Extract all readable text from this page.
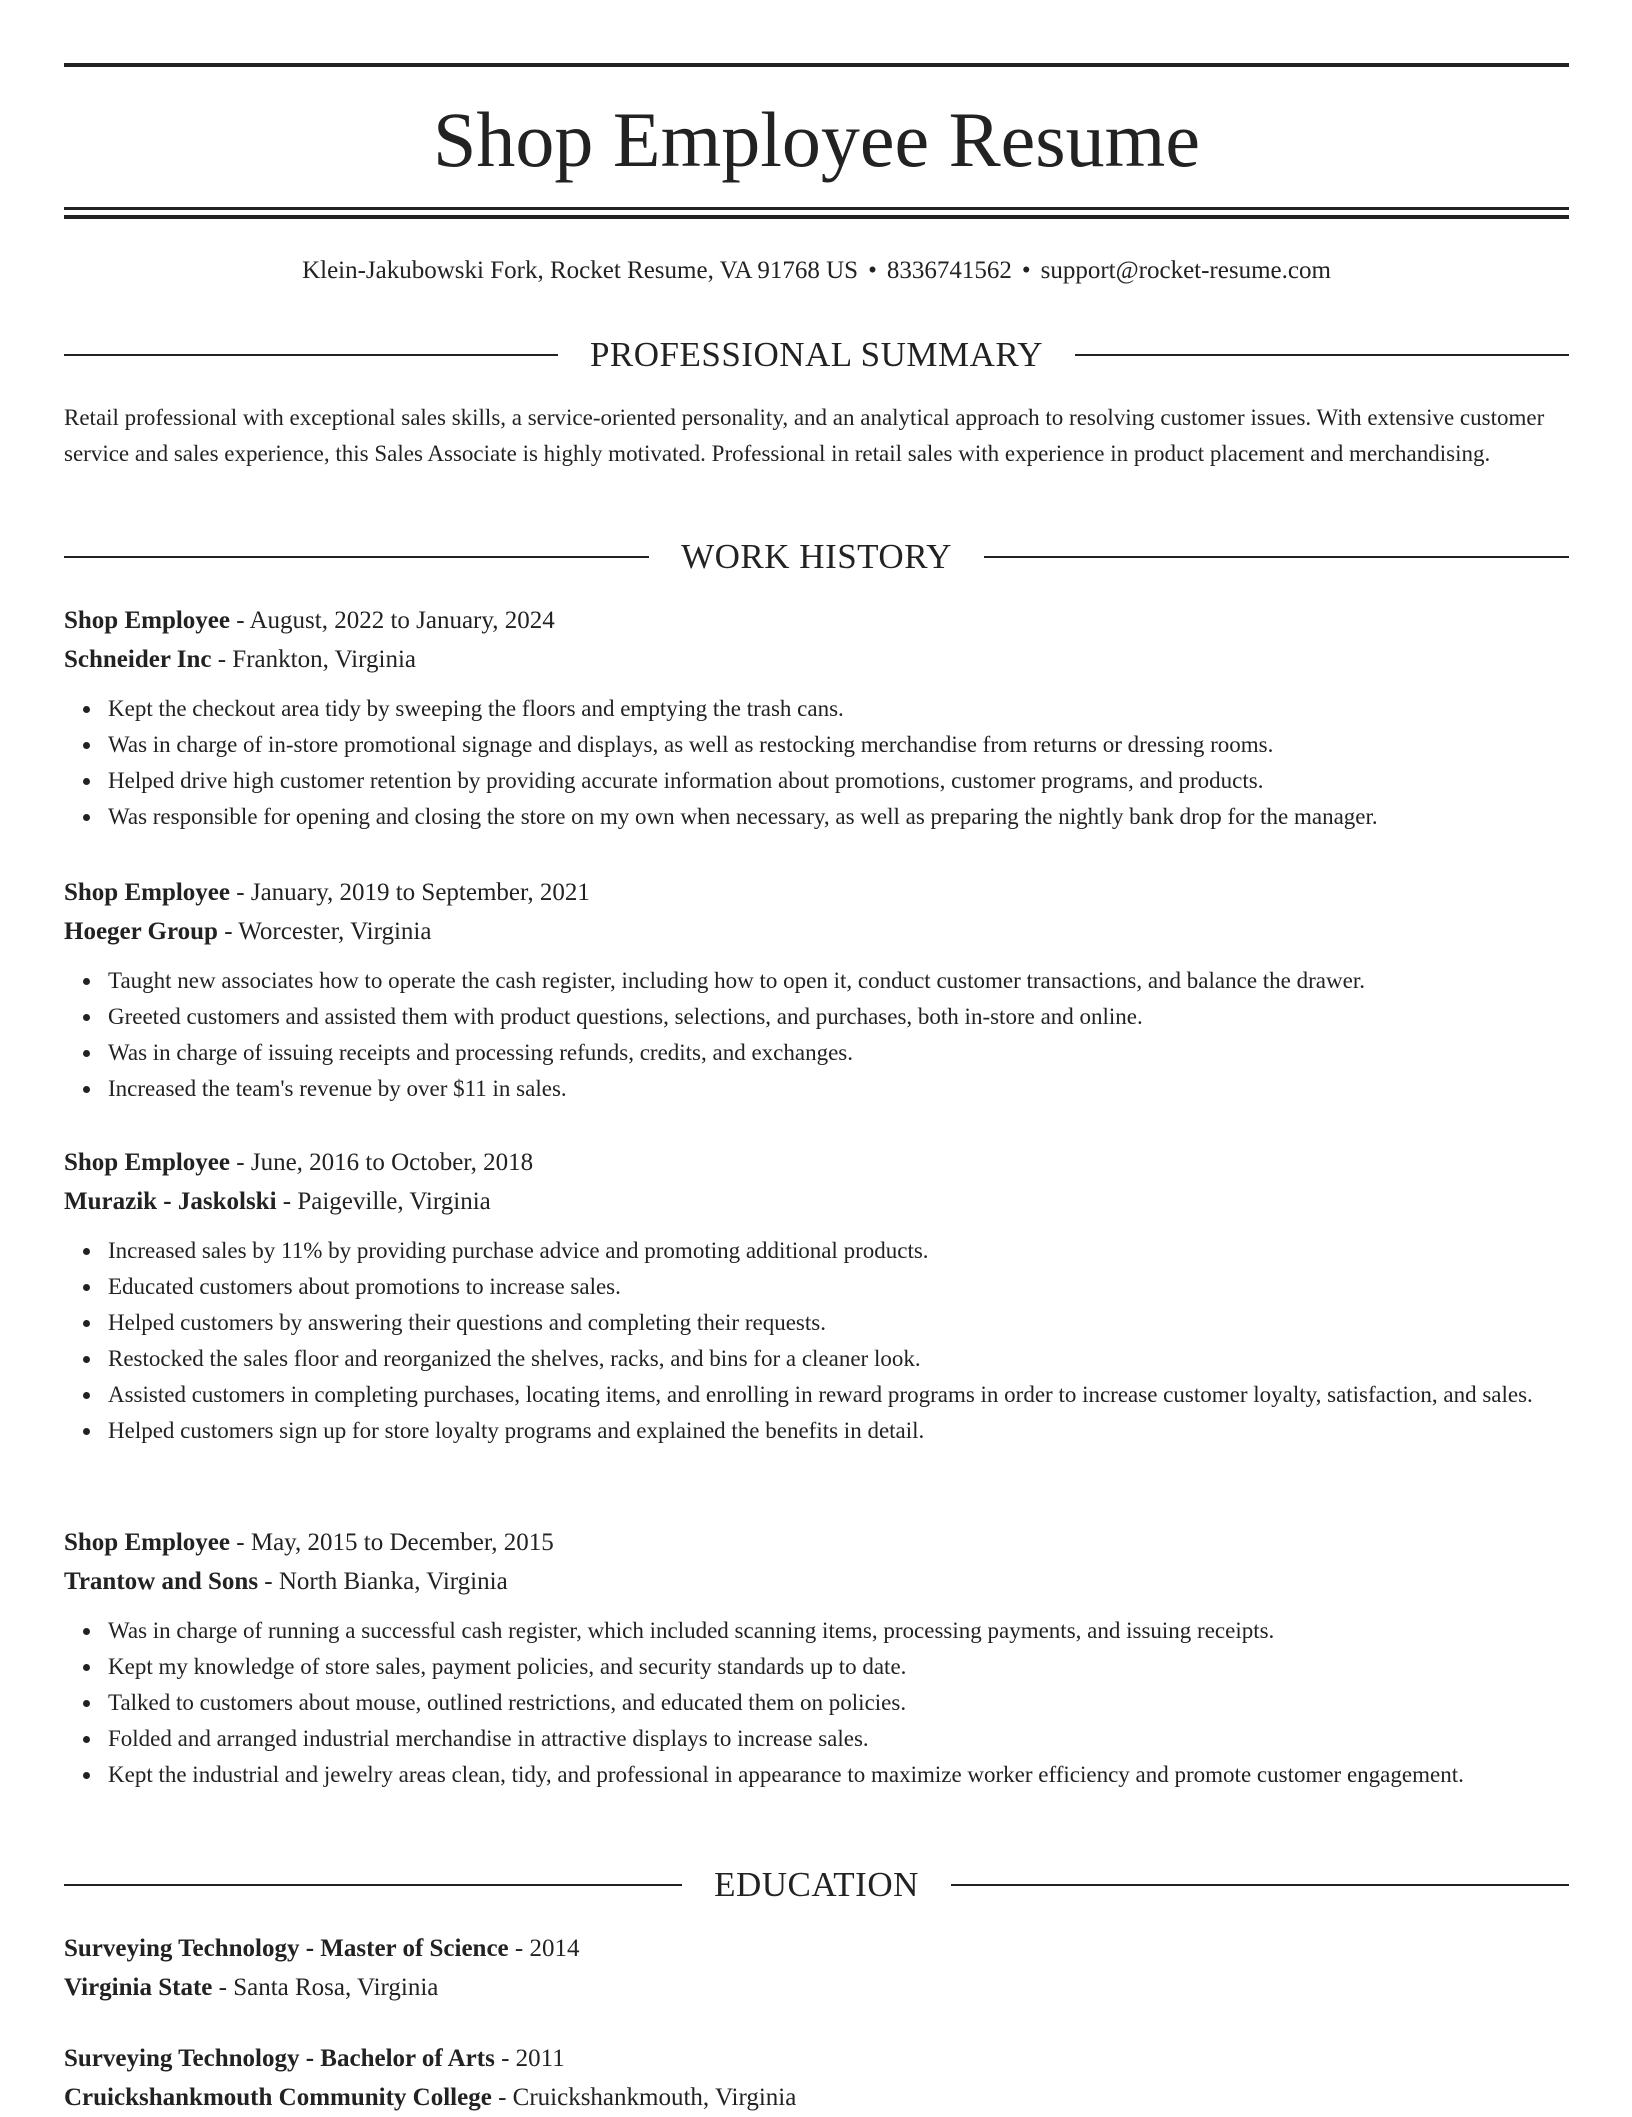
Shop Employee Resume
Klein-Jakubowski Fork, Rocket Resume, VA 91768 US • 8336741562 • support@rocket-resume.com
PROFESSIONAL SUMMARY

Retail professional with exceptional sales skills, a service-oriented personality, and an analytical approach to resolving customer issues. With extensive customer service and sales experience, this Sales Associate is highly motivated. Professional in retail sales with experience in product placement and merchandising.

WORK HISTORY
Shop Employee - August, 2022 to January, 2024
Schneider Inc - Frankton, Virginia
Kept the checkout area tidy by sweeping the floors and emptying the trash cans.
Was in charge of in-store promotional signage and displays, as well as restocking merchandise from returns or dressing rooms.
Helped drive high customer retention by providing accurate information about promotions, customer programs, and products.
Was responsible for opening and closing the store on my own when necessary, as well as preparing the nightly bank drop for the manager.
Shop Employee - January, 2019 to September, 2021
Hoeger Group - Worcester, Virginia
Taught new associates how to operate the cash register, including how to open it, conduct customer transactions, and balance the drawer.
Greeted customers and assisted them with product questions, selections, and purchases, both in-store and online.
Was in charge of issuing receipts and processing refunds, credits, and exchanges.
Increased the team's revenue by over $11 in sales.
Shop Employee - June, 2016 to October, 2018
Murazik - Jaskolski - Paigeville, Virginia
Increased sales by 11% by providing purchase advice and promoting additional products.
Educated customers about promotions to increase sales.
Helped customers by answering their questions and completing their requests.
Restocked the sales floor and reorganized the shelves, racks, and bins for a cleaner look.
Assisted customers in completing purchases, locating items, and enrolling in reward programs in order to increase customer loyalty, satisfaction, and sales.
Helped customers sign up for store loyalty programs and explained the benefits in detail.
Shop Employee - May, 2015 to December, 2015
Trantow and Sons - North Bianka, Virginia
Was in charge of running a successful cash register, which included scanning items, processing payments, and issuing receipts.
Kept my knowledge of store sales, payment policies, and security standards up to date.
Talked to customers about mouse, outlined restrictions, and educated them on policies.
Folded and arranged industrial merchandise in attractive displays to increase sales.
Kept the industrial and jewelry areas clean, tidy, and professional in appearance to maximize worker efficiency and promote customer engagement.
EDUCATION
Surveying Technology - Master of Science - 2014
Virginia State - Santa Rosa, Virginia
Surveying Technology - Bachelor of Arts - 2011
Cruickshankmouth Community College - Cruickshankmouth, Virginia
